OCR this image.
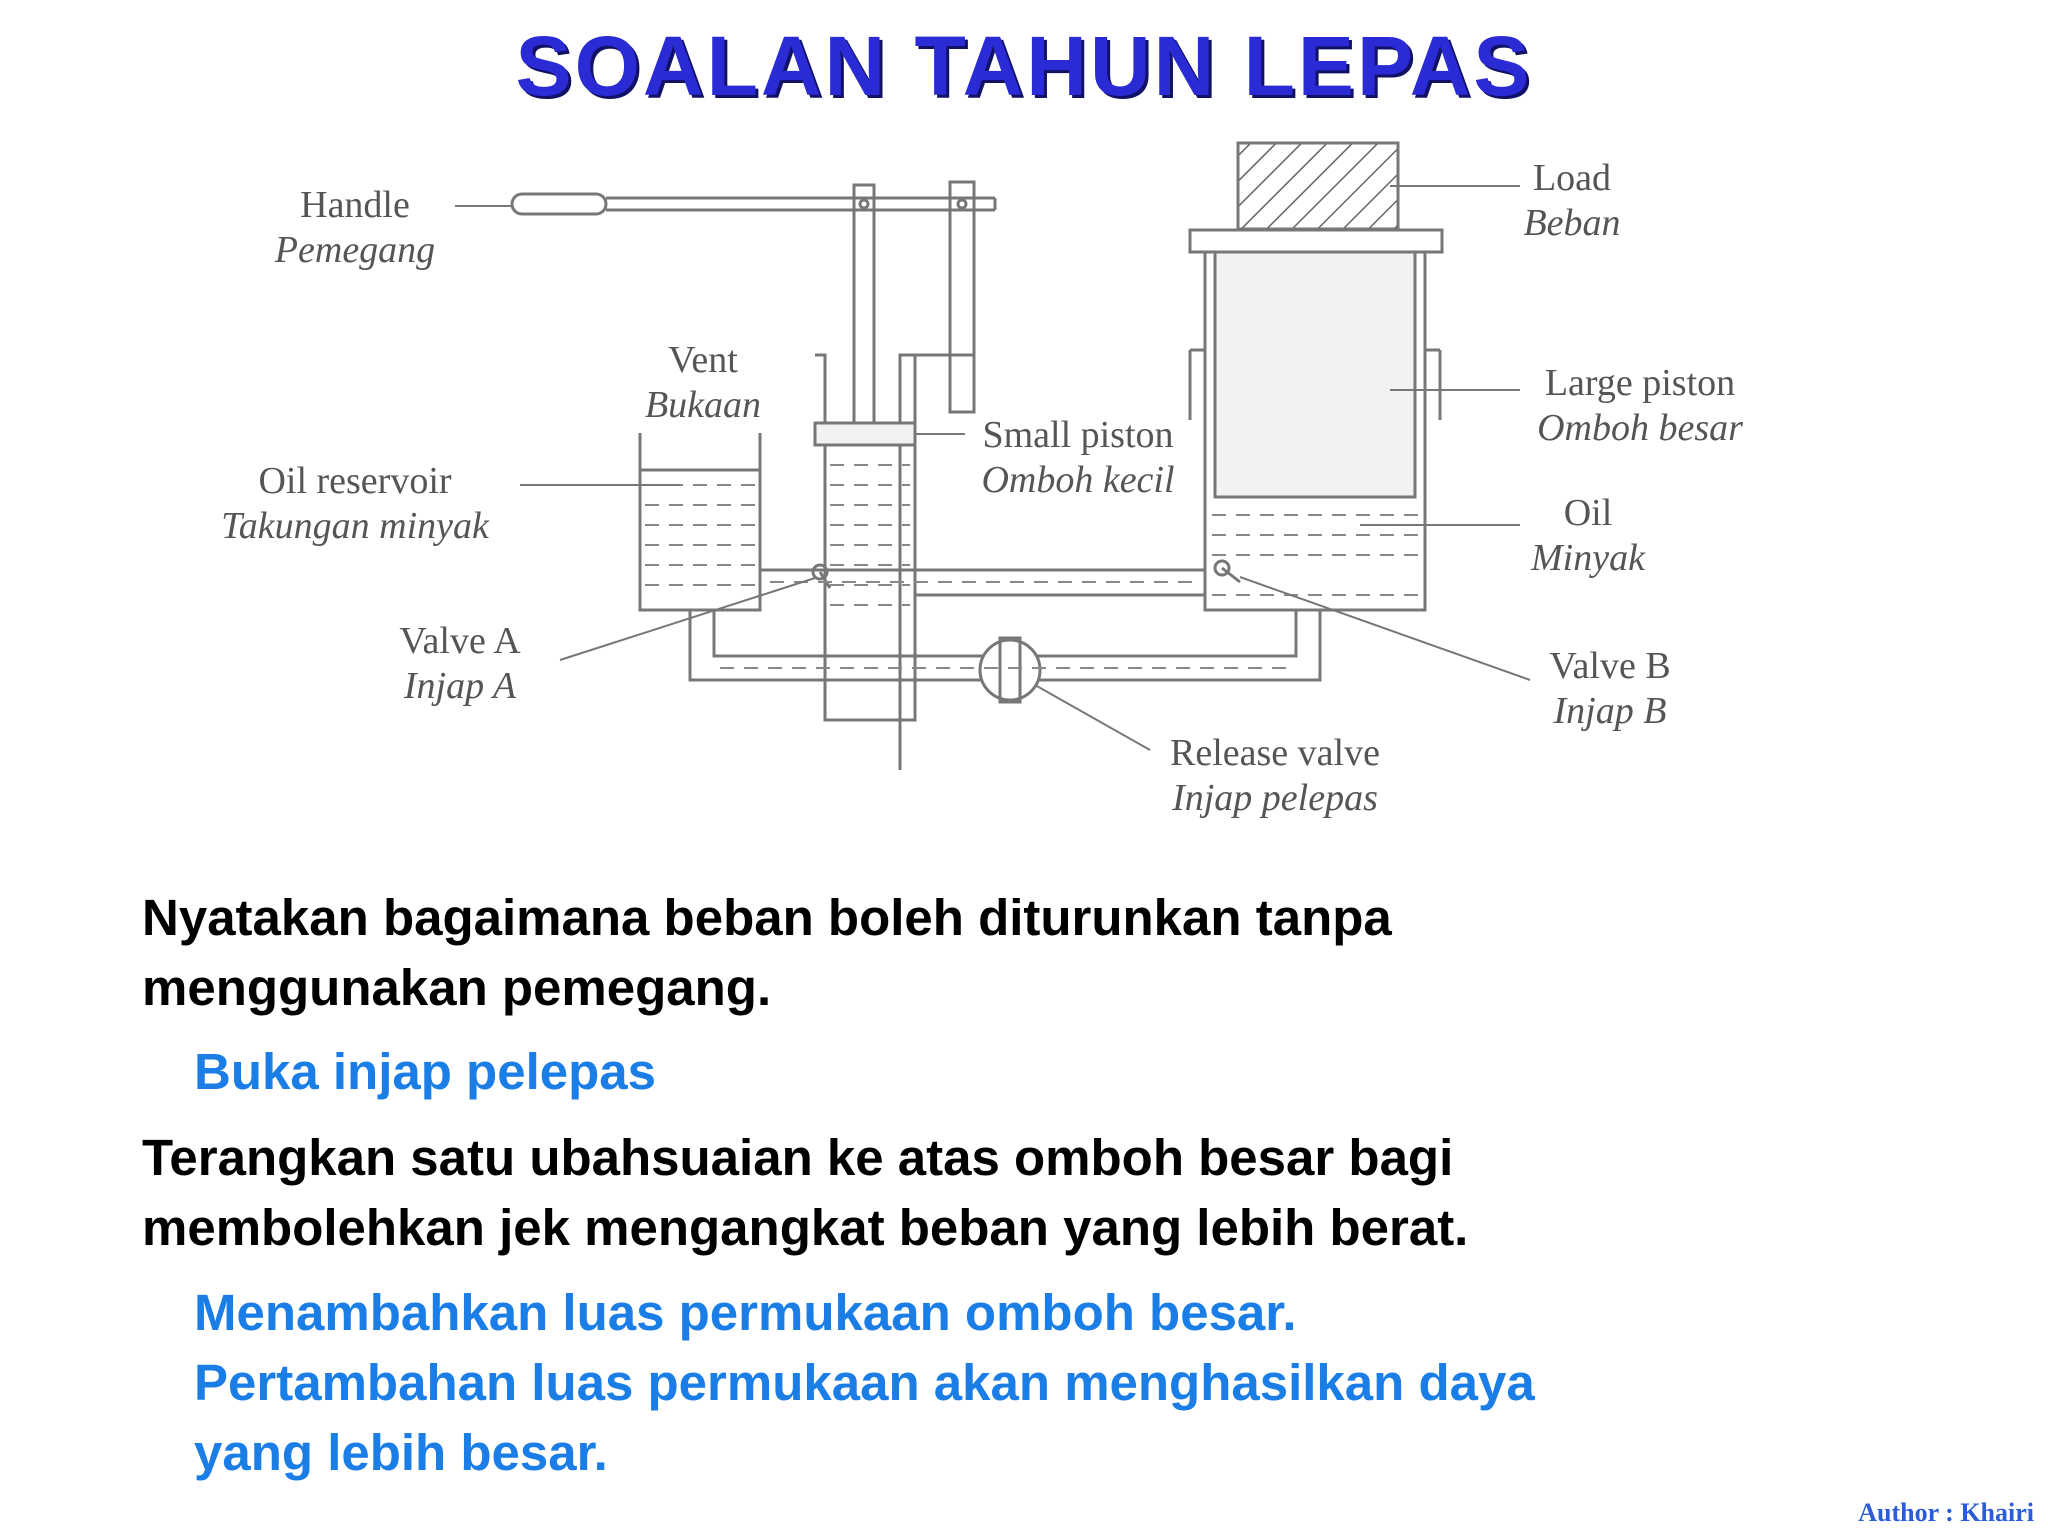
SOALAN TAHUN LEPAS
Handle
Pemegang
Vent
Bukaan
Oil reservoir
Takungan minyak
Valve A
Injap A
Small piston
Omboh kecil
Load
Beban
Large piston
Omboh besar
Oil
Minyak
Valve B
Injap B
Release valve
Injap pelepas
Nyatakan bagaimana beban boleh diturunkan tanpa
menggunakan pemegang.
Buka injap pelepas
Terangkan satu ubahsuaian ke atas omboh besar bagi
membolehkan jek mengangkat beban yang lebih berat.
Menambahkan luas permukaan omboh besar.
Pertambahan luas permukaan akan menghasilkan daya
yang lebih besar.
Author : Khairi
